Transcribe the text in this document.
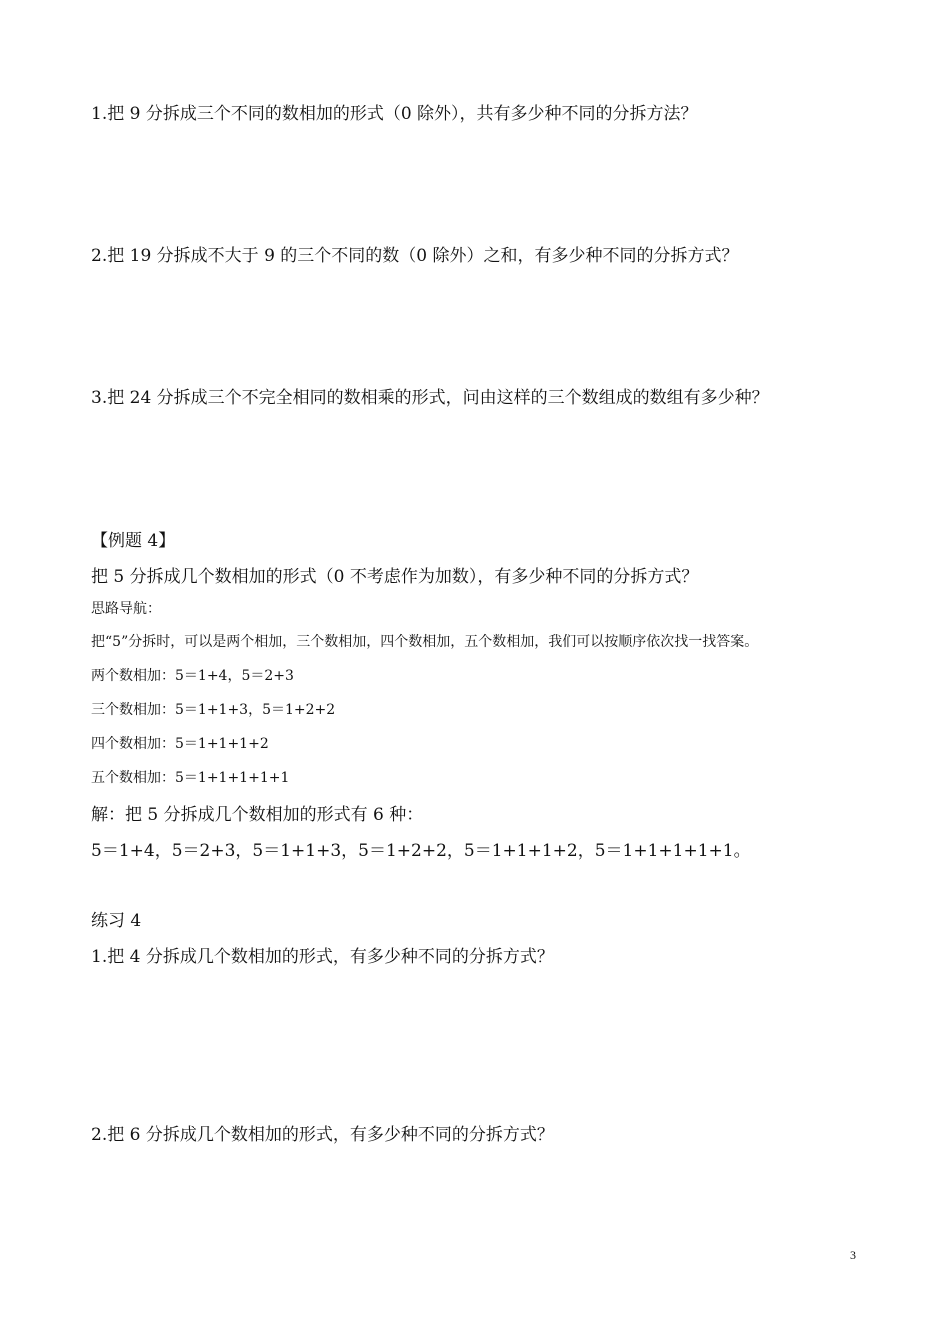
1.把 9 分拆成三个不同的数相加的形式（0 除外），共有多少种不同的分拆方法？

2.把 19 分拆成不大于 9 的三个不同的数（0 除外）之和，有多少种不同的分拆方式？

3.把 24 分拆成三个不完全相同的数相乘的形式，问由这样的三个数组成的数组有多少种？

【例题 4】

把 5 分拆成几个数相加的形式（0 不考虑作为加数），有多少种不同的分拆方式？

思路导航：

把“5”分拆时，可以是两个相加，三个数相加，四个数相加，五个数相加，我们可以按顺序依次找一找答案。

两个数相加：5＝1+4，5＝2+3

三个数相加：5＝1+1+3，5＝1+2+2

四个数相加：5＝1+1+1+2

五个数相加：5＝1+1+1+1+1

解：把 5 分拆成几个数相加的形式有 6 种：

5＝1+4，5＝2+3，5＝1+1+3，5＝1+2+2，5＝1+1+1+2，5＝1+1+1+1+1。

练习 4

1.把 4 分拆成几个数相加的形式，有多少种不同的分拆方式？

2.把 6 分拆成几个数相加的形式，有多少种不同的分拆方式？

3
